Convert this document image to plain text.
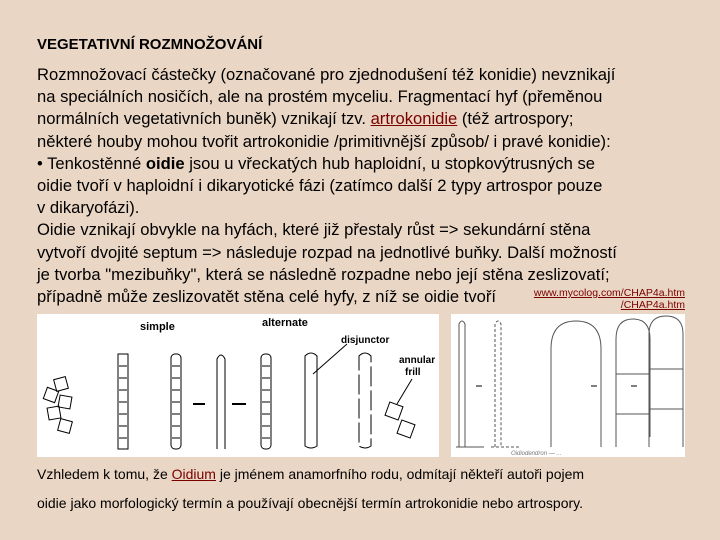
VEGETATIVNÍ ROZMNOŽOVÁNÍ
Rozmnožovací částečky (označované pro zjednodušení též konidie) nevznikají
na speciálních nosičích, ale na prostém myceliu. Fragmentací hyf (přeměnou
normálních vegetativních buněk) vznikají tzv. artrokonidie (též artrospory;
některé houby mohou tvořit artrokonidie /primitivnější způsob/ i pravé konidie):
• Tenkostěnné oidie jsou u vřeckatých hub haploidní, u stopkovýtrusných se
oidie tvoří v haploidní i dikaryotické fázi (zatímco další 2 typy artrospor pouze
v dikaryofázi).
Oidie vznikají obvykle na hyfách, které již přestaly růst => sekundární stěna
vytvoří dvojité septum => následuje rozpad na jednotlivé buňky. Další možností
je tvorba "mezibuňky", která se následně rozpadne nebo její stěna zeslizovatí;
případně může zeslizovatět stěna celé hyfy, z níž se oidie tvoří	www.mycolog.com/CHAP4a.htm
/CHAP4a.htm
simple	alternate
disjunctor
annular
frill
Oidiodendron — ...
Vzhledem k tomu, že Oidium je jménem anamorfního rodu, odmítají někteří autoři pojem
oidie jako morfologický termín a používají obecnější termín artrokonidie nebo artrospory.
